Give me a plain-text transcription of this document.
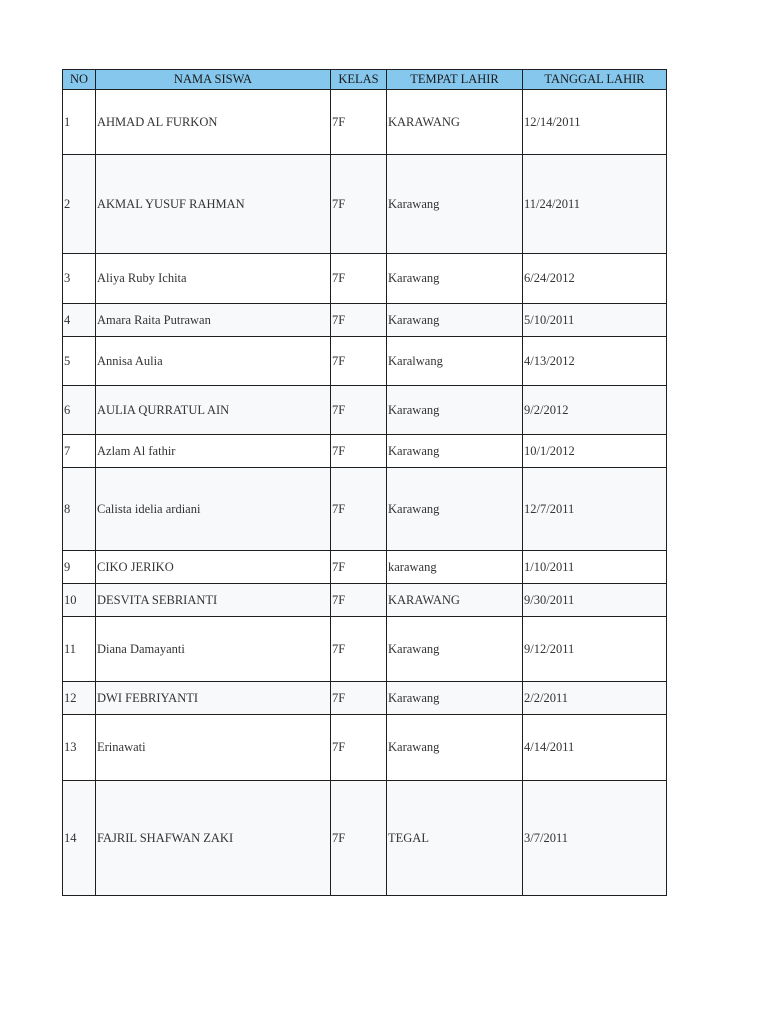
NO	NAMA SISWA	KELAS	TEMPAT LAHIR	TANGGAL LAHIR
1	AHMAD AL FURKON	7F	KARAWANG	12/14/2011
2	AKMAL YUSUF RAHMAN	7F	Karawang	11/24/2011
3	Aliya Ruby Ichita	7F	Karawang	6/24/2012
4	Amara Raita Putrawan	7F	Karawang	5/10/2011
5	Annisa Aulia	7F	Karalwang	4/13/2012
6	AULIA QURRATUL AIN	7F	Karawang	9/2/2012
7	Azlam Al fathir	7F	Karawang	10/1/2012
8	Calista idelia ardiani	7F	Karawang	12/7/2011
9	CIKO JERIKO	7F	karawang	1/10/2011
10	DESVITA SEBRIANTI	7F	KARAWANG	9/30/2011
11	Diana Damayanti	7F	Karawang	9/12/2011
12	DWI FEBRIYANTI	7F	Karawang	2/2/2011
13	Erinawati	7F	Karawang	4/14/2011
14	FAJRIL SHAFWAN ZAKI	7F	TEGAL	3/7/2011
